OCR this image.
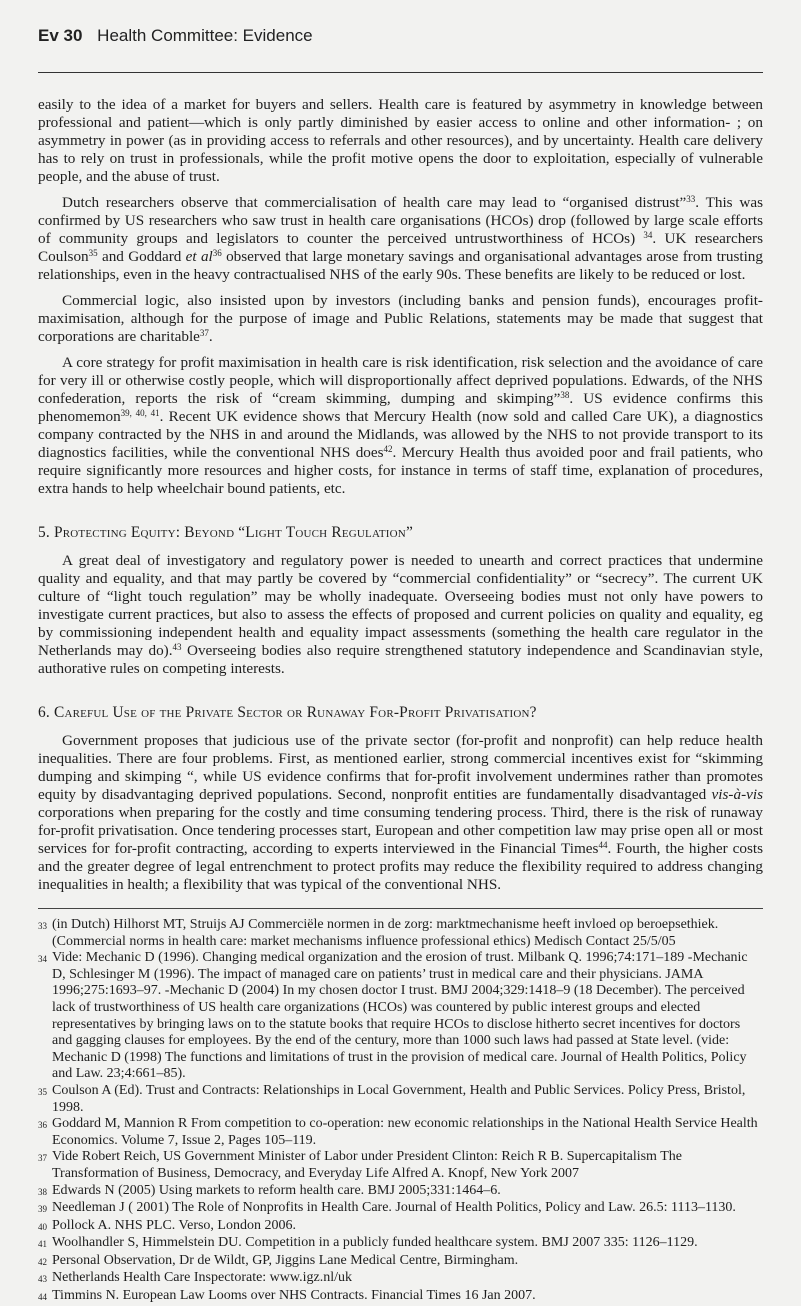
Ev 30 Health Committee: Evidence

easily to the idea of a market for buyers and sellers. Health care is featured by asymmetry in knowledge between professional and patient—which is only partly diminished by easier access to online and other information- ; on asymmetry in power (as in providing access to referrals and other resources), and by uncertainty. Health care delivery has to rely on trust in professionals, while the profit motive opens the door to exploitation, especially of vulnerable people, and the abuse of trust.

Dutch researchers observe that commercialisation of health care may lead to “organised distrust”$^{33}$. This was confirmed by US researchers who saw trust in health care organisations (HCOs) drop (followed by large scale efforts of community groups and legislators to counter the perceived untrustworthiness of HCOs) $^{34}$. UK researchers Coulson$^{35}$ and Goddard et $al^{36}$ observed that large monetary savings and organisational advantages arose from trusting relationships, even in the heavy contractualised NHS of the early 90s. These benefits are likely to be reduced or lost.

Commercial logic, also insisted upon by investors (including banks and pension funds), encourages profit-maximisation, although for the purpose of image and Public Relations, statements may be made that suggest that corporations are charitable$^{37}$.

A core strategy for profit maximisation in health care is risk identification, risk selection and the avoidance of care for very ill or otherwise costly people, which will disproportionally affect deprived populations. Edwards, of the NHS confederation, reports the risk of “cream skimming, dumping and skimping”$^{38}$. US evidence confirms this phenomemon$^{39, 40, 41}$. Recent UK evidence shows that Mercury Health (now sold and called Care UK), a diagnostics company contracted by the NHS in and around the Midlands, was allowed by the NHS to not provide transport to its diagnostics facilities, while the conventional NHS does$^{42}$. Mercury Health thus avoided poor and frail patients, who require significantly more resources and higher costs, for instance in terms of staff time, explanation of procedures, extra hands to help wheelchair bound patients, etc.

5. Protecting Equity: Beyond “Light Touch Regulation”

A great deal of investigatory and regulatory power is needed to unearth and correct practices that undermine quality and equality, and that may partly be covered by “commercial confidentiality” or “secrecy”. The current UK culture of “light touch regulation” may be wholly inadequate. Overseeing bodies must not only have powers to investigate current practices, but also to assess the effects of proposed and current policies on quality and equality, eg by commissioning independent health and equality impact assessments (something the health care regulator in the Netherlands may do).$^{43}$ Overseeing bodies also require strengthened statutory independence and Scandinavian style, authorative rules on competing interests.

6. Careful Use of the Private Sector or Runaway For-Profit Privatisation?

Government proposes that judicious use of the private sector (for-profit and nonprofit) can help reduce health inequalities. There are four problems. First, as mentioned earlier, strong commercial incentives exist for “skimming dumping and skimping “, while US evidence confirms that for-profit involvement undermines rather than promotes equity by disadvantaging deprived populations. Second, nonprofit entities are fundamentally disadvantaged vis-à-vis corporations when preparing for the costly and time consuming tendering process. Third, there is the risk of runaway for-profit privatisation. Once tendering processes start, European and other competition law may prise open all or most services for for-profit contracting, according to experts interviewed in the Financial Times$^{44}$. Fourth, the higher costs and the greater degree of legal entrenchment to protect profits may reduce the flexibility required to address changing inequalities in health; a flexibility that was typical of the conventional NHS.

33 (in Dutch) Hilhorst MT, Struijs AJ Commerciële normen in de zorg: marktmechanisme heeft invloed op beroepsethiek. (Commercial norms in health care: market mechanisms influence professional ethics) Medisch Contact 25/5/05
34 Vide: Mechanic D (1996). Changing medical organization and the erosion of trust. Milbank Q. 1996;74:171–189 -Mechanic D, Schlesinger M (1996). The impact of managed care on patients’ trust in medical care and their physicians. JAMA 1996;275:1693–97. -Mechanic D (2004) In my chosen doctor I trust. BMJ 2004;329:1418–9 (18 December). The perceived lack of trustworthiness of US health care organizations (HCOs) was countered by public interest groups and elected representatives by bringing laws on to the statute books that require HCOs to disclose hitherto secret incentives for doctors and gagging clauses for employees. By the end of the century, more than 1000 such laws had passed at State level. (vide: Mechanic D (1998) The functions and limitations of trust in the provision of medical care. Journal of Health Politics, Policy and Law. 23;4:661–85).
35 Coulson A (Ed). Trust and Contracts: Relationships in Local Government, Health and Public Services. Policy Press, Bristol, 1998.
36 Goddard M, Mannion R From competition to co-operation: new economic relationships in the National Health Service Health Economics. Volume 7, Issue 2, Pages 105–119.
37 Vide Robert Reich, US Government Minister of Labor under President Clinton: Reich R B. Supercapitalism The Transformation of Business, Democracy, and Everyday Life Alfred A. Knopf, New York 2007
38 Edwards N (2005) Using markets to reform health care. BMJ 2005;331:1464–6.
39 Needleman J ( 2001) The Role of Nonprofits in Health Care. Journal of Health Politics, Policy and Law. 26.5: 1113–1130.
40 Pollock A. NHS PLC. Verso, London 2006.
41 Woolhandler S, Himmelstein DU. Competition in a publicly funded healthcare system. BMJ 2007 335: 1126–1129.
42 Personal Observation, Dr de Wildt, GP, Jiggins Lane Medical Centre, Birmingham.
43 Netherlands Health Care Inspectorate: www.igz.nl/uk
44 Timmins N. European Law Looms over NHS Contracts. Financial Times 16 Jan 2007.
